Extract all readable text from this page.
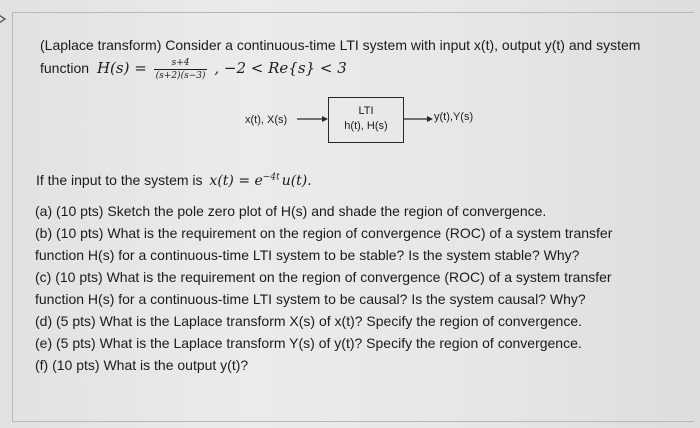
(Laplace transform) Consider a continuous-time LTI system with input x(t), output y(t) and system
function $H(s) = \frac{s+4}{(s+2)(s-3)}$ , −2 < Re{s} < 3
x(t), X(s)
LTI
h(t), H(s)
y(t),Y(s)
If the input to the system is $x(t) = e^{-4t}$ u(t).
(a) (10 pts) Sketch the pole zero plot of H(s) and shade the region of convergence.
(b) (10 pts) What is the requirement on the region of convergence (ROC) of a system transfer
function H(s) for a continuous-time LTI system to be stable? Is the system stable? Why?
(c) (10 pts) What is the requirement on the region of convergence (ROC) of a system transfer
function H(s) for a continuous-time LTI system to be causal? Is the system causal? Why?
(d) (5 pts) What is the Laplace transform X(s) of x(t)? Specify the region of convergence.
(e) (5 pts) What is the Laplace transform Y(s) of y(t)? Specify the region of convergence.
(f) (10 pts) What is the output y(t)?
